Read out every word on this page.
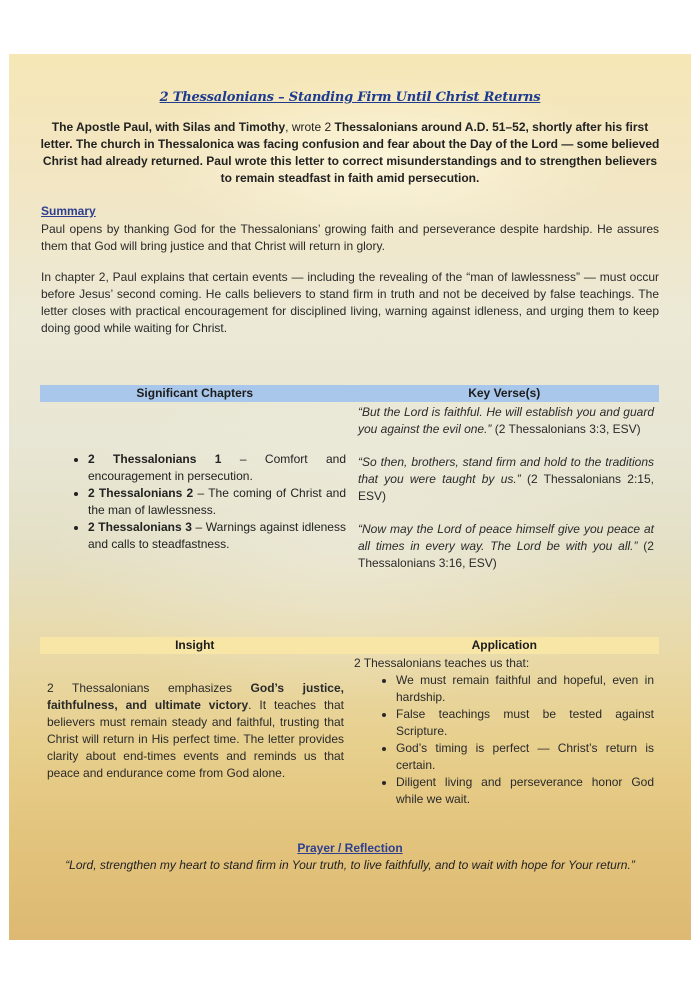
2 Thessalonians – Standing Firm Until Christ Returns
The Apostle Paul, with Silas and Timothy, wrote 2 Thessalonians around A.D. 51–52, shortly after his first letter. The church in Thessalonica was facing confusion and fear about the Day of the Lord — some believed Christ had already returned. Paul wrote this letter to correct misunderstandings and to strengthen believers to remain steadfast in faith amid persecution.
Summary
Paul opens by thanking God for the Thessalonians’ growing faith and perseverance despite hardship. He assures them that God will bring justice and that Christ will return in glory.
In chapter 2, Paul explains that certain events — including the revealing of the “man of lawlessness” — must occur before Jesus’ second coming. He calls believers to stand firm in truth and not be deceived by false teachings. The letter closes with practical encouragement for disciplined living, warning against idleness, and urging them to keep doing good while waiting for Christ.
Significant Chapters	Key Verse(s)
• 2 Thessalonians 1 – Comfort and encouragement in persecution.
• 2 Thessalonians 2 – The coming of Christ and the man of lawlessness.
• 2 Thessalonians 3 – Warnings against idleness and calls to steadfastness.

“But the Lord is faithful. He will establish you and guard you against the evil one.” (2 Thessalonians 3:3, ESV)

“So then, brothers, stand firm and hold to the traditions that you were taught by us.” (2 Thessalonians 2:15, ESV)

“Now may the Lord of peace himself give you peace at all times in every way. The Lord be with you all.” (2 Thessalonians 3:16, ESV)

Insight	Application
2 Thessalonians emphasizes God’s justice, faithfulness, and ultimate victory. It teaches that believers must remain steady and faithful, trusting that Christ will return in His perfect time. The letter provides clarity about end-times events and reminds us that peace and endurance come from God alone.
2 Thessalonians teaches us that:
• We must remain faithful and hopeful, even in hardship.
• False teachings must be tested against Scripture.
• God’s timing is perfect — Christ’s return is certain.
• Diligent living and perseverance honor God while we wait.
Prayer / Reflection
“Lord, strengthen my heart to stand firm in Your truth, to live faithfully, and to wait with hope for Your return.”
